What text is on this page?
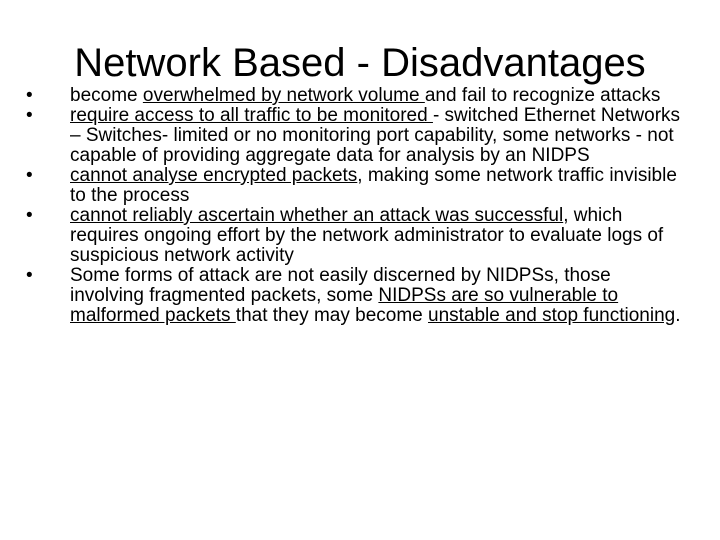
Network Based - Disadvantages
•	become overwhelmed by network volume and fail to recognize attacks
•	require access to all traffic to be monitored - switched Ethernet Networks – Switches- limited or no monitoring port capability, some networks - not capable of providing aggregate data for analysis by an NIDPS
•	cannot analyse encrypted packets, making some network traffic invisible to the process
•	cannot reliably ascertain whether an attack was successful, which requires ongoing effort by the network administrator to evaluate logs of suspicious network activity
•	Some forms of attack are not easily discerned by NIDPSs, those involving fragmented packets, some NIDPSs are so vulnerable to malformed packets that they may become unstable and stop functioning.
